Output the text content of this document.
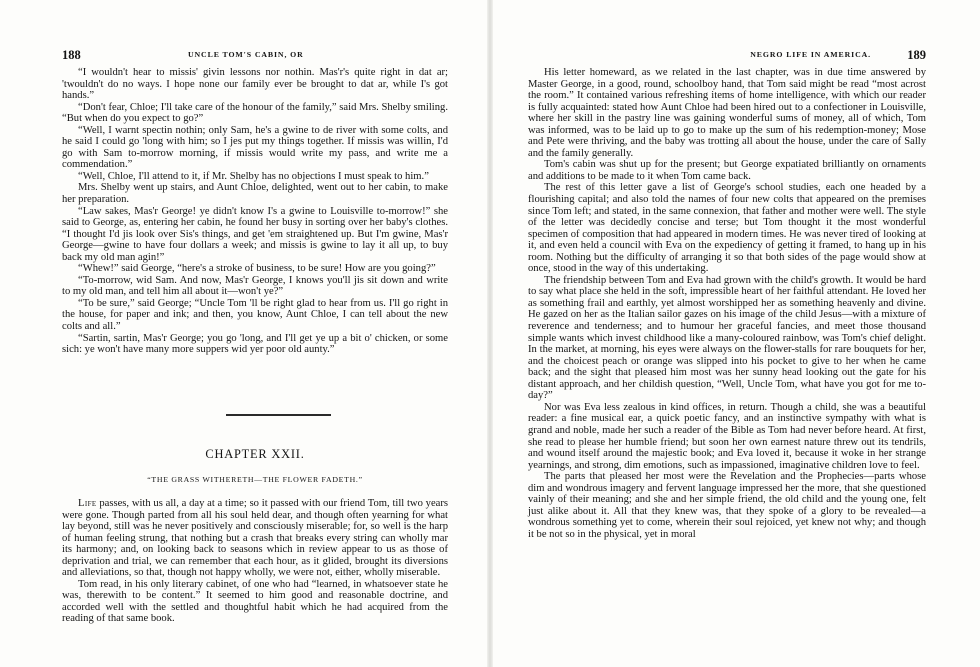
188	UNCLE TOM'S CABIN, OR

“I wouldn't hear to missis' givin lessons nor nothin. Mas'r's quite right in dat ar; 'twouldn't do no ways. I hope none our family ever be brought to dat ar, while I's got hands.”

“Don't fear, Chloe; I'll take care of the honour of the family,” said Mrs. Shelby smiling. “But when do you expect to go?”

“Well, I warnt spectin nothin; only Sam, he's a gwine to de river with some colts, and he said I could go 'long with him; so I jes put my things together. If missis was willin, I'd go with Sam to-morrow morning, if missis would write my pass, and write me a commendation.”

“Well, Chloe, I'll attend to it, if Mr. Shelby has no objections I must speak to him.”

Mrs. Shelby went up stairs, and Aunt Chloe, delighted, went out to her cabin, to make her preparation.

“Law sakes, Mas'r George! ye didn't know I's a gwine to Louisville to-morrow!” she said to George, as, entering her cabin, he found her busy in sorting over her baby's clothes. “I thought I'd jis look over Sis's things, and get 'em straightened up. But I'm gwine, Mas'r George—gwine to have four dollars a week; and missis is gwine to lay it all up, to buy back my old man agin!”

“Whew!” said George, “here's a stroke of business, to be sure! How are you going?”

“To-morrow, wid Sam. And now, Mas'r George, I knows you'll jis sit down and write to my old man, and tell him all about it—won't ye?”

“To be sure,” said George; “Uncle Tom 'll be right glad to hear from us. I'll go right in the house, for paper and ink; and then, you know, Aunt Chloe, I can tell about the new colts and all.”

“Sartin, sartin, Mas'r George; you go 'long, and I'll get ye up a bit o' chicken, or some sich: ye won't have many more suppers wid yer poor old aunty.”

CHAPTER XXII.
“THE GRASS WITHERETH—THE FLOWER FADETH.”

Life passes, with us all, a day at a time; so it passed with our friend Tom, till two years were gone. Though parted from all his soul held dear, and though often yearning for what lay beyond, still was he never positively and consciously miserable; for, so well is the harp of human feeling strung, that nothing but a crash that breaks every string can wholly mar its harmony; and, on looking back to seasons which in review appear to us as those of deprivation and trial, we can remember that each hour, as it glided, brought its diversions and alleviations, so that, though not happy wholly, we were not, either, wholly miserable.

Tom read, in his only literary cabinet, of one who had “learned, in whatsoever state he was, therewith to be content.” It seemed to him good and reasonable doctrine, and accorded well with the settled and thoughtful habit which he had acquired from the reading of that same book.

NEGRO LIFE IN AMERICA.	189

His letter homeward, as we related in the last chapter, was in due time answered by Master George, in a good, round, schoolboy hand, that Tom said might be read “most acrost the room.” It contained various refreshing items of home intelligence, with which our reader is fully acquainted: stated how Aunt Chloe had been hired out to a confectioner in Louisville, where her skill in the pastry line was gaining wonderful sums of money, all of which, Tom was informed, was to be laid up to go to make up the sum of his redemption-money; Mose and Pete were thriving, and the baby was trotting all about the house, under the care of Sally and the family generally.

Tom's cabin was shut up for the present; but George expatiated brilliantly on ornaments and additions to be made to it when Tom came back.

The rest of this letter gave a list of George's school studies, each one headed by a flourishing capital; and also told the names of four new colts that appeared on the premises since Tom left; and stated, in the same connexion, that father and mother were well. The style of the letter was decidedly concise and terse; but Tom thought it the most wonderful specimen of composition that had appeared in modern times. He was never tired of looking at it, and even held a council with Eva on the expediency of getting it framed, to hang up in his room. Nothing but the difficulty of arranging it so that both sides of the page would show at once, stood in the way of this undertaking.

The friendship between Tom and Eva had grown with the child's growth. It would be hard to say what place she held in the soft, impressible heart of her faithful attendant. He loved her as something frail and earthly, yet almost worshipped her as something heavenly and divine. He gazed on her as the Italian sailor gazes on his image of the child Jesus—with a mixture of reverence and tenderness; and to humour her graceful fancies, and meet those thousand simple wants which invest childhood like a many-coloured rainbow, was Tom's chief delight. In the market, at morning, his eyes were always on the flower-stalls for rare bouquets for her, and the choicest peach or orange was slipped into his pocket to give to her when he came back; and the sight that pleased him most was her sunny head looking out the gate for his distant approach, and her childish question, “Well, Uncle Tom, what have you got for me to-day?”

Nor was Eva less zealous in kind offices, in return. Though a child, she was a beautiful reader: a fine musical ear, a quick poetic fancy, and an instinctive sympathy with what is grand and noble, made her such a reader of the Bible as Tom had never before heard. At first, she read to please her humble friend; but soon her own earnest nature threw out its tendrils, and wound itself around the majestic book; and Eva loved it, because it woke in her strange yearnings, and strong, dim emotions, such as impassioned, imaginative children love to feel.

The parts that pleased her most were the Revelation and the Prophecies—parts whose dim and wondrous imagery and fervent language impressed her the more, that she questioned vainly of their meaning; and she and her simple friend, the old child and the young one, felt just alike about it. All that they knew was, that they spoke of a glory to be revealed—a wondrous something yet to come, wherein their soul rejoiced, yet knew not why; and though it be not so in the physical, yet in moral
